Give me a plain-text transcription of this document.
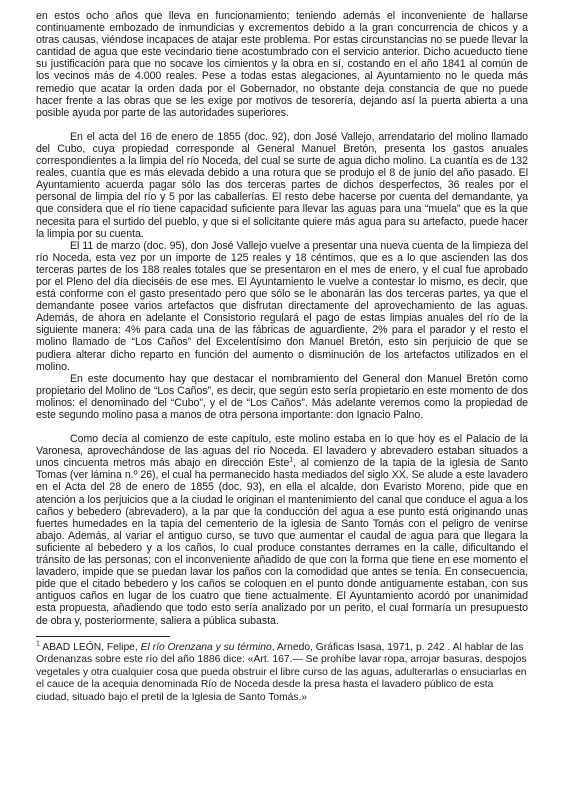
en estos ocho años que lleva en funcionamiento; teniendo además el inconveniente de hallarse continuamente embozado de inmundicias y excrementos debido a la gran concurrencia de chicos y a otras causas, viéndose incapaces de atajar este problema. Por estas circunstancias no se puede llevar la cantidad de agua que este vecindario tiene acostumbrado con el servicio anterior. Dicho acueducto tiene su justificación para que no socave los cimientos y la obra en sí, costando en el año 1841 al común de los vecinos más de 4.000 reales. Pese a todas estas alegaciones, al Ayuntamiento no le queda más remedio que acatar la orden dada por el Gobernador, no obstante deja constancia de que no puede hacer frente a las obras que se les exige por motivos de tesorería, dejando así la puerta abierta a una posible ayuda por parte de las autoridades superiores.

En el acta del 16 de enero de 1855 (doc. 92), don José Vallejo, arrendatario del molino llamado del Cubo, cuya propiedad corresponde al General Manuel Bretón, presenta los gastos anuales correspondientes a la limpia del río Noceda, del cual se surte de agua dicho molino. La cuantía es de 132 reales, cuantía que es más elevada debido a una rotura que se produjo el 8 de junio del año pasado. El Ayuntamiento acuerda pagar sólo las dos terceras partes de dichos desperfectos, 36 reales por el personal de limpia del río y 5 por las caballerías. El resto debe hacerse por cuenta del demandante, ya que considera que el río tiene capacidad suficiente para llevar las aguas para una “muela” que es la que necesita para el surtido del pueblo, y que si el solicitante quiere más agua para su artefacto, puede hacer la limpia por su cuenta.

El 11 de marzo (doc. 95), don José Vallejo vuelve a presentar una nueva cuenta de la limpieza del río Noceda, esta vez por un importe de 125 reales y 18 céntimos, que es a lo que ascienden las dos terceras partes de los 188 reales totales que se presentaron en el mes de enero, y el cual fue aprobado por el Pleno del día dieciséis de ese mes. El Ayuntamiento le vuelve a contestar lo mismo, es decir, que está conforme con el gasto presentado pero que sólo se le abonarán las dos terceras partes, ya que el demandante posee varios artefactos que disfrutan directamente del aprovechamiento de las aguas. Además, de ahora en adelante el Consistorio regulará el pago de estas limpias anuales del río de la siguiente manera: 4% para cada una de las fábricas de aguardiente, 2% para el parador y el resto el molino llamado de “Los Caños” del Excelentísimo don Manuel Bretón, esto sin perjuicio de que se pudiera alterar dicho reparto en función del aumento o disminución de los artefactos utilizados en el molino.

En este documento hay que destacar el nombramiento del General don Manuel Bretón como propietario del Molino de “Los Caños”, es decir, que según esto sería propietario en este momento de dos molinos: el denominado del “Cubo”, y el de “Los Caños”. Más adelante veremos como la propiedad de este segundo molino pasa a manos de otra persona importante: don Ignacio Palno.

Como decía al comienzo de este capítulo, este molino estaba en lo que hoy es el Palacio de la Varonesa, aprovechándose de las aguas del río Noceda. El lavadero y abrevadero estaban situados a unos cincuenta metros más abajo en dirección Este$^1$, al comienzo de la tapia de la iglesia de Santo Tomas (ver lámina n.º 26), el cual ha permanecido hasta mediados del siglo XX. Se alude a este lavadero en el Acta del 28 de enero de 1855 (doc. 93), en ella el alcalde, don Evaristo Moreno, pide que en atención a los perjuicios que a la ciudad le originan el mantenimiento del canal que conduce el agua a los caños y bebedero (abrevadero), a la par que la conducción del agua a ese punto está originando unas fuertes humedades en la tapia del cementerio de la iglesia de Santo Tomás con el peligro de venirse abajo. Además, al variar el antiguo curso, se tuvo que aumentar el caudal de agua para que llegara la suficiente al bebedero y a los caños, lo cual produce constantes derrames en la calle, dificultando el tránsito de las personas; con el inconveniente añadido de que con la forma que tiene en ese momento el lavadero, impide que se puedan lavar los paños con la comodidad que antes se tenía. En consecuencia, pide que el citado bebedero y los caños se coloquen en el punto donde antiguamente estaban, con sus antiguos caños en lugar de los cuatro que tiene actualmente. El Ayuntamiento acordó por unanimidad esta propuesta, añadiendo que todo esto sería analizado por un perito, el cual formaría un presupuesto de obra y, posteriormente, saliera a pública subasta.

$^1$ ABAD LEÓN, Felipe, El río Orenzana y su término, Arnedo, Gráficas Isasa, 1971, p. 242 . Al hablar de las Ordenanzas sobre este río del año 1886 dice: «Art. 167.— Se prohíbe lavar ropa, arrojar basuras, despojos vegetales y otra cualquier cosa que pueda obstruir el libre curso de las aguas, adulterarlas o ensuciarlas en el cauce de la acequia denominada Río de Noceda desde la presa hasta el lavadero público de esta ciudad, situado bajo el pretil de la Iglesia de Santo Tomás.»
